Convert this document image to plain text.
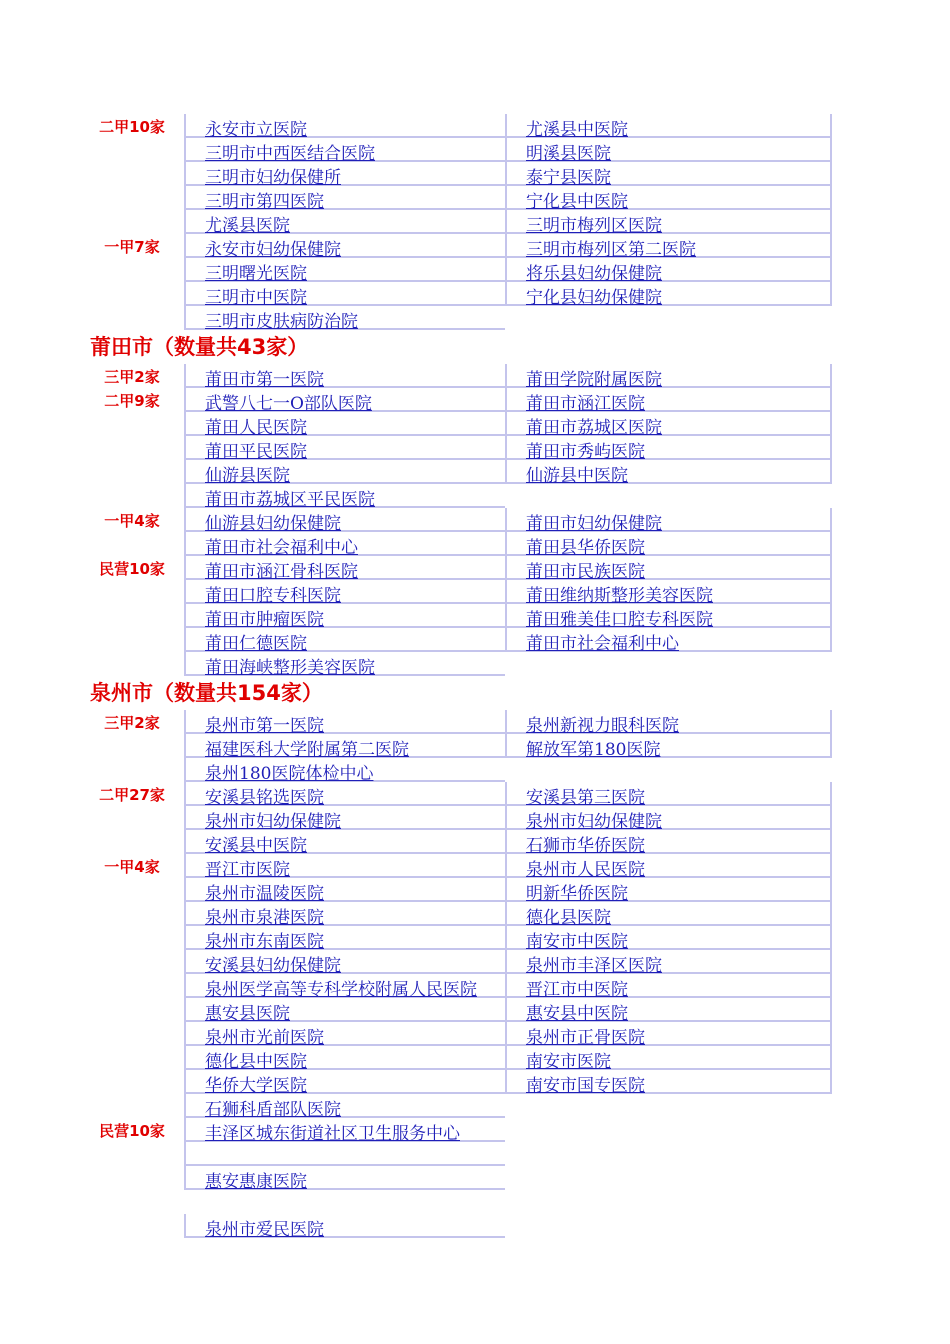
二甲10家	永安市立医院	尤溪县中医院
三明市中西医结合医院	明溪县医院
三明市妇幼保健所	泰宁县医院
三明市第四医院	宁化县中医院
尤溪县医院	三明市梅列区医院
一甲7家	永安市妇幼保健院	三明市梅列区第二医院
三明曙光医院	将乐县妇幼保健院
三明市中医院	宁化县妇幼保健院
三明市皮肤病防治院
莆田市（数量共43家）
三甲2家	莆田市第一医院	莆田学院附属医院
二甲9家	武警八七一O部队医院	莆田市涵江医院
莆田人民医院	莆田市荔城区医院
莆田平民医院	莆田市秀屿医院
仙游县医院	仙游县中医院
莆田市荔城区平民医院
一甲4家	仙游县妇幼保健院	莆田市妇幼保健院
莆田市社会福利中心	莆田县华侨医院
民营10家	莆田市涵江骨科医院	莆田市民族医院
莆田口腔专科医院	莆田维纳斯整形美容医院
莆田市肿瘤医院	莆田雅美佳口腔专科医院
莆田仁德医院	莆田市社会福利中心
莆田海峡整形美容医院
泉州市（数量共154家）
三甲2家	泉州市第一医院	泉州新视力眼科医院
福建医科大学附属第二医院	解放军第180医院
泉州180医院体检中心
二甲27家	安溪县铭选医院	安溪县第三医院
泉州市妇幼保健院	泉州市妇幼保健院
安溪县中医院	石狮市华侨医院
一甲4家	晋江市医院	泉州市人民医院
泉州市温陵医院	明新华侨医院
泉州市泉港医院	德化县医院
泉州市东南医院	南安市中医院
安溪县妇幼保健院	泉州市丰泽区医院
泉州医学高等专科学校附属人民医院	晋江市中医院
惠安县医院	惠安县中医院
泉州市光前医院	泉州市正骨医院
德化县中医院	南安市医院
华侨大学医院	南安市国专医院
石狮科盾部队医院
民营10家	丰泽区城东街道社区卫生服务中心
惠安惠康医院
泉州市爱民医院
